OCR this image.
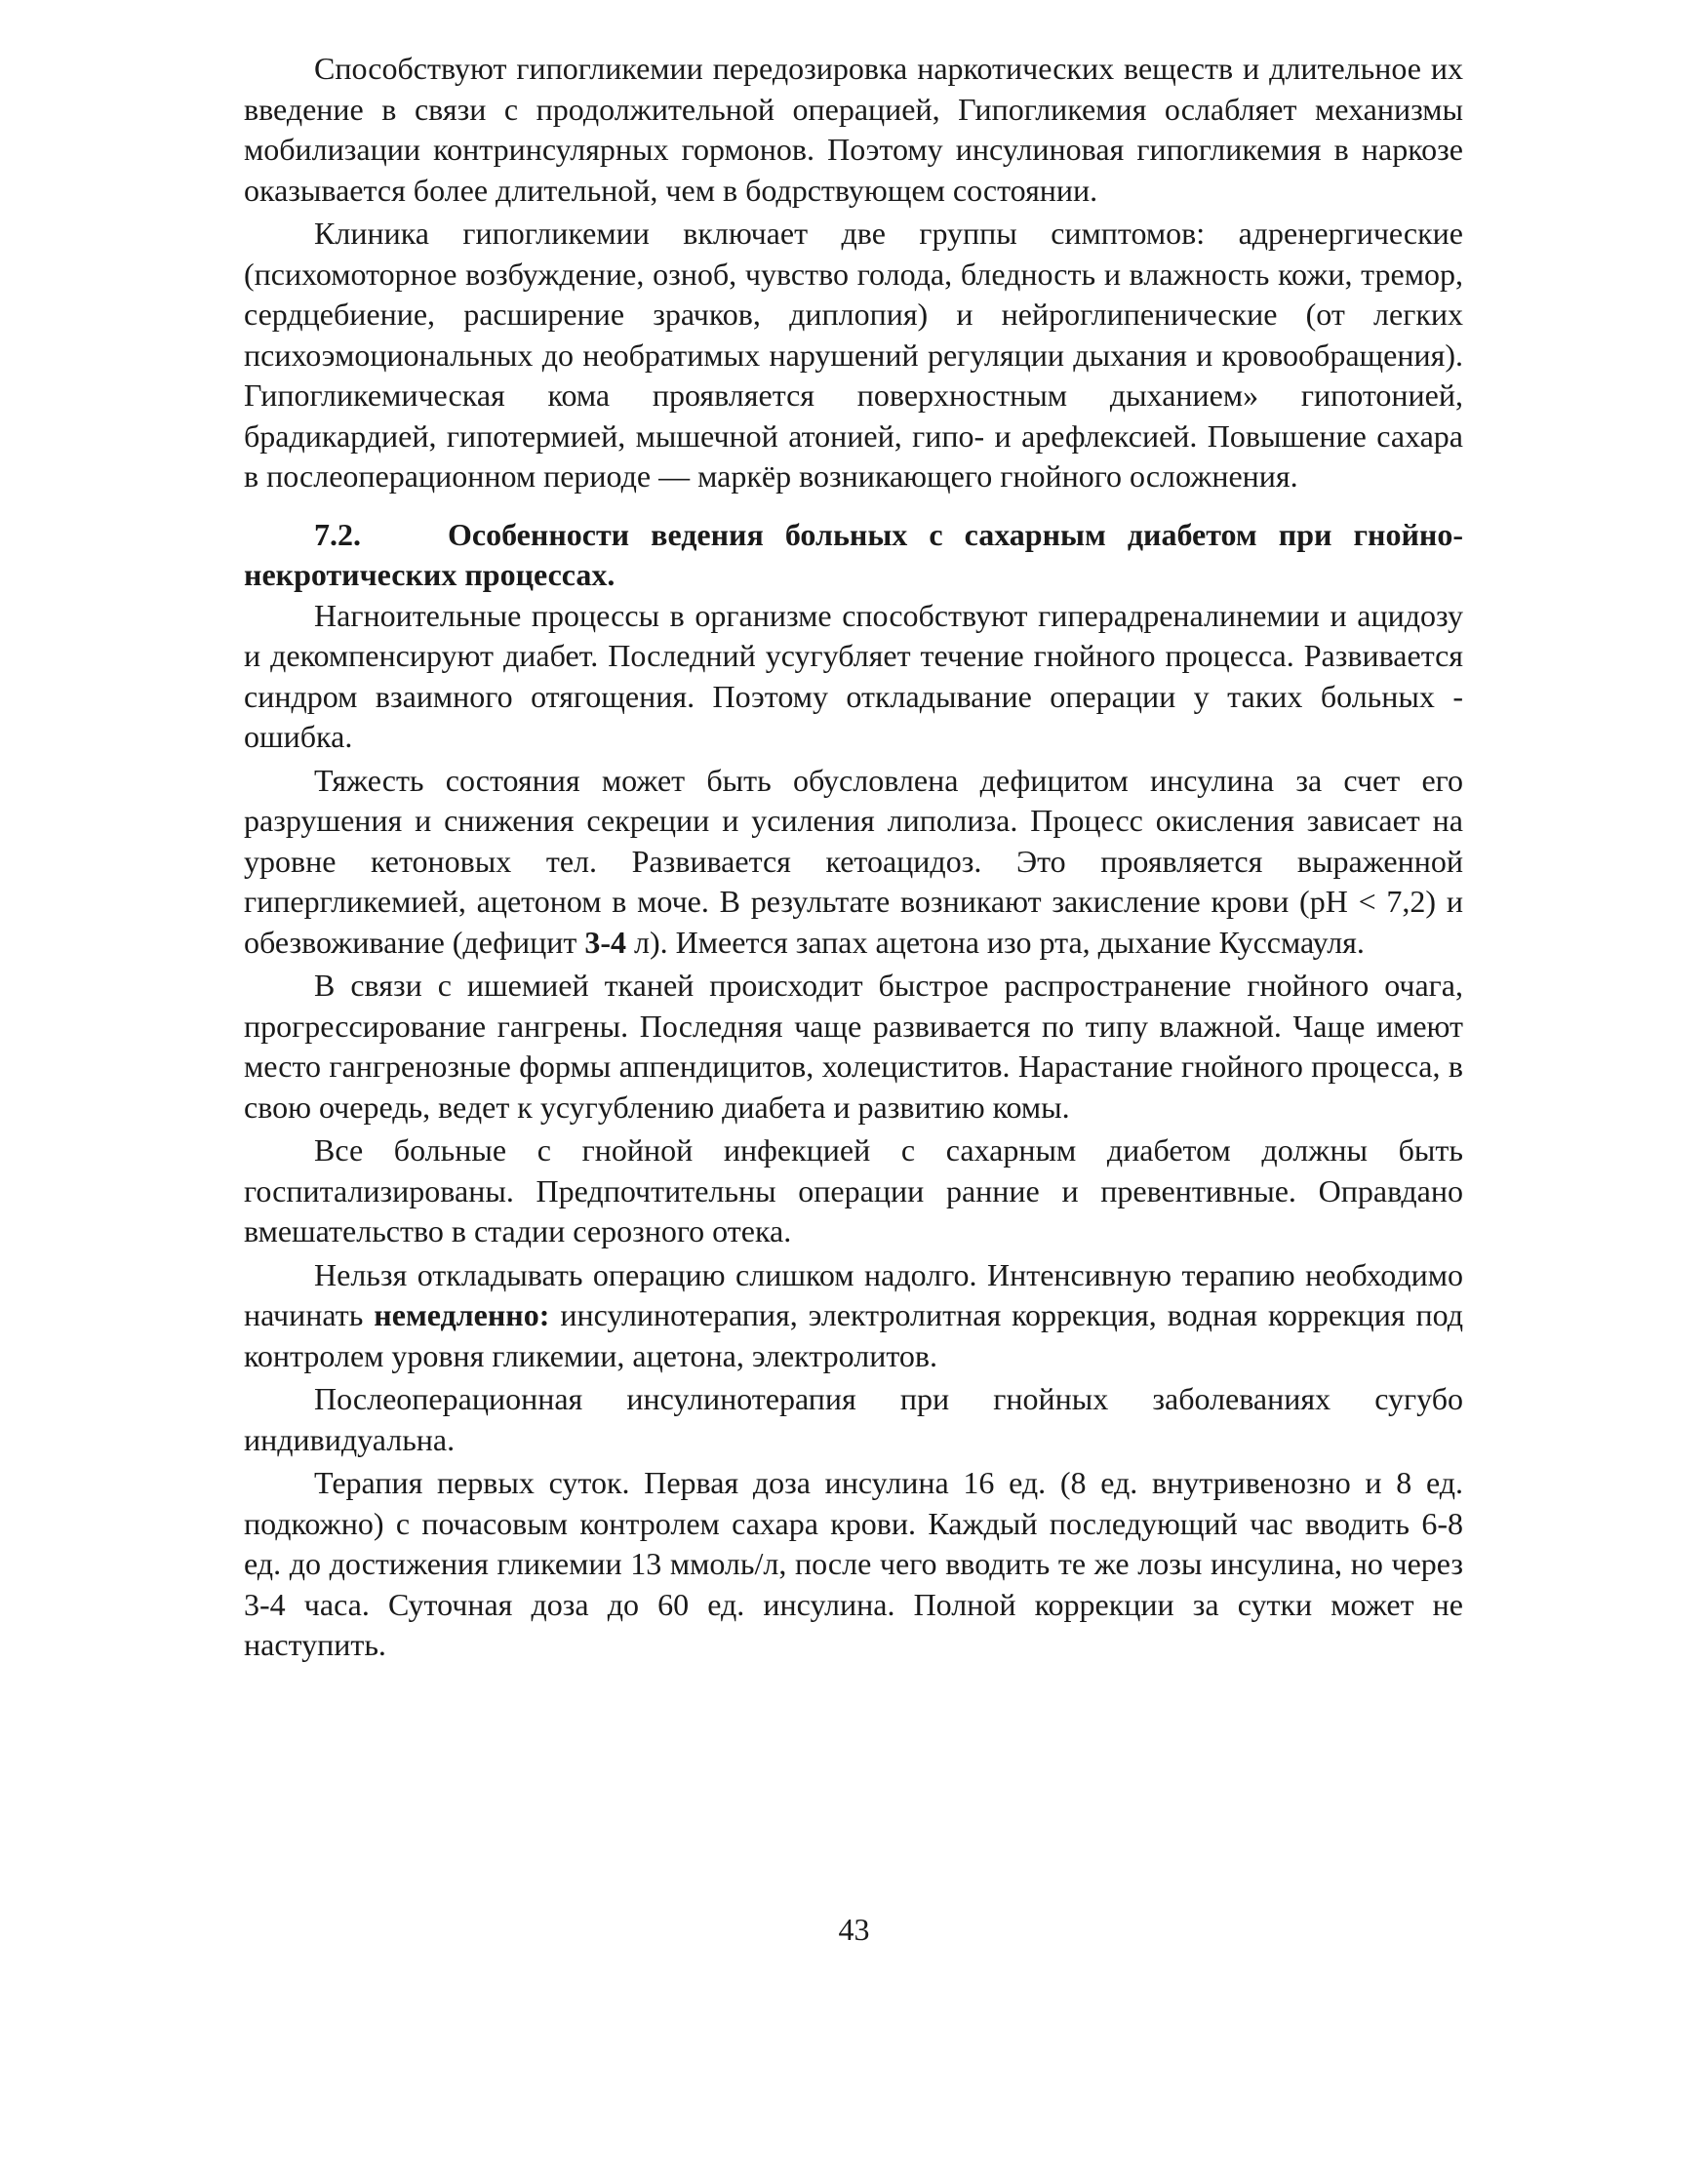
Способствуют гипогликемии передозировка наркотических веществ и длительное их введение в связи с продолжительной операцией, Гипогликемия ослабляет механизмы мобилизации контринсулярных гормонов. Поэтому инсулиновая гипогликемия в наркозе оказывается более длительной, чем в бодрствующем состоянии.

Клиника гипогликемии включает две группы симптомов: адренергические (психомоторное возбуждение, озноб, чувство голода, бледность и влажность кожи, тремор, сердцебиение, расширение зрачков, диплопия) и нейроглипенические (от легких психоэмоциональных до необратимых нарушений регуляции дыхания и кровообращения). Гипогликемическая кома проявляется поверхностным дыханием» гипотонией, брадикардией, гипотермией, мышечной атонией, гипо- и арефлексией. Повышение сахара в послеоперационном периоде — маркёр возникающего гнойного осложнения.

7.2.	Особенности ведения больных с сахарным диабетом при гнойно-некротических процессах.

Нагноительные процессы в организме способствуют гиперадреналинемии и ацидозу и декомпенсируют диабет. Последний усугубляет течение гнойного процесса. Развивается синдром взаимного отягощения. Поэтому откладывание операции у таких больных - ошибка.

Тяжесть состояния может быть обусловлена дефицитом инсулина за счет его разрушения и снижения секреции и усиления липолиза. Процесс окисления зависает на уровне кетоновых тел. Развивается кетоацидоз. Это проявляется выраженной гипергликемией, ацетоном в моче. В результате возникают закисление крови (pH < 7,2) и обезвоживание (дефицит 3-4 л). Имеется запах ацетона изо рта, дыхание Куссмауля.

В связи с ишемией тканей происходит быстрое распространение гнойного очага, прогрессирование гангрены. Последняя чаще развивается по типу влажной. Чаще имеют место гангренозные формы аппендицитов, холециститов. Нарастание гнойного процесса, в свою очередь, ведет к усугублению диабета и развитию комы.

Все больные с гнойной инфекцией с сахарным диабетом должны быть госпитализированы. Предпочтительны операции ранние и превентивные. Оправдано вмешательство в стадии серозного отека.

Нельзя откладывать операцию слишком надолго. Интенсивную терапию необходимо начинать немедленно: инсулинотерапия, электролитная коррекция, водная коррекция под контролем уровня гликемии, ацетона, электролитов.

Послеоперационная инсулинотерапия при гнойных заболеваниях сугубо индивидуальна.

Терапия первых суток. Первая доза инсулина 16 ед. (8 ед. внутривенозно и 8 ед. подкожно) с почасовым контролем сахара крови. Каждый последующий час вводить 6-8 ед. до достижения гликемии 13 ммоль/л, после чего вводить те же лозы инсулина, но через 3-4 часа. Суточная доза до 60 ед. инсулина. Полной коррекции за сутки может не наступить.

43
